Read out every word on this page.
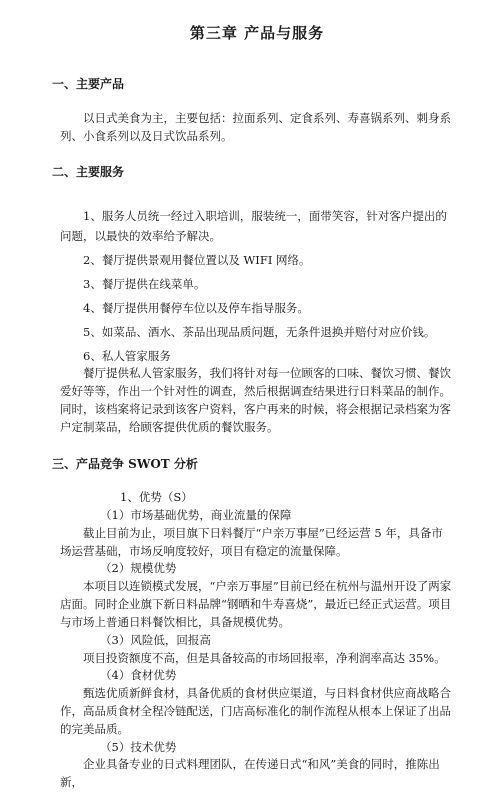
第三章 产品与服务
一、主要产品

以日式美食为主，主要包括：拉面系列、定食系列、寿喜锅系列、刺身系列、小食系列以及日式饮品系列。

二、主要服务

1、服务人员统一经过入职培训，服装统一，面带笑容，针对客户提出的问题，以最快的效率给予解决。

2、餐厅提供景观用餐位置以及 WIFI 网络。

3、餐厅提供在线菜单。

4、餐厅提供用餐停车位以及停车指导服务。

5、如菜品、酒水、茶品出现品质问题，无条件退换并赔付对应价钱。

6、私人管家服务

餐厅提供私人管家服务，我们将针对每一位顾客的口味、餐饮习惯、餐饮爱好等等，作出一个针对性的调查，然后根据调查结果进行日料菜品的制作。同时，该档案将记录到该客户资料，客户再来的时候，将会根据记录档案为客户定制菜品，给顾客提供优质的餐饮服务。

三、产品竞争 SWOT 分析

1、优势（S）

（1）市场基础优势，商业流量的保障

截止目前为止，项目旗下日料餐厅“户亲万事屋”已经运营 5 年，具备市场运营基础，市场反响度较好，项目有稳定的流量保障。

（2）规模优势

本项目以连锁模式发展，“户亲万事屋”目前已经在杭州与温州开设了两家店面。同时企业旗下新日料品牌“钢晒和牛寿喜烧”，最近已经正式运营。项目与市场上普通日料餐饮相比，具备规模优势。

（3）风险低，回报高

项目投资额度不高，但是具备较高的市场回报率，净利润率高达 35%。

（4）食材优势

甄选优质新鲜食材，具备优质的食材供应渠道，与日料食材供应商战略合作，高品质食材全程冷链配送，门店高标准化的制作流程从根本上保证了出品的完美品质。

（5）技术优势

企业具备专业的日式料理团队，在传递日式“和风”美食的同时，推陈出新，
